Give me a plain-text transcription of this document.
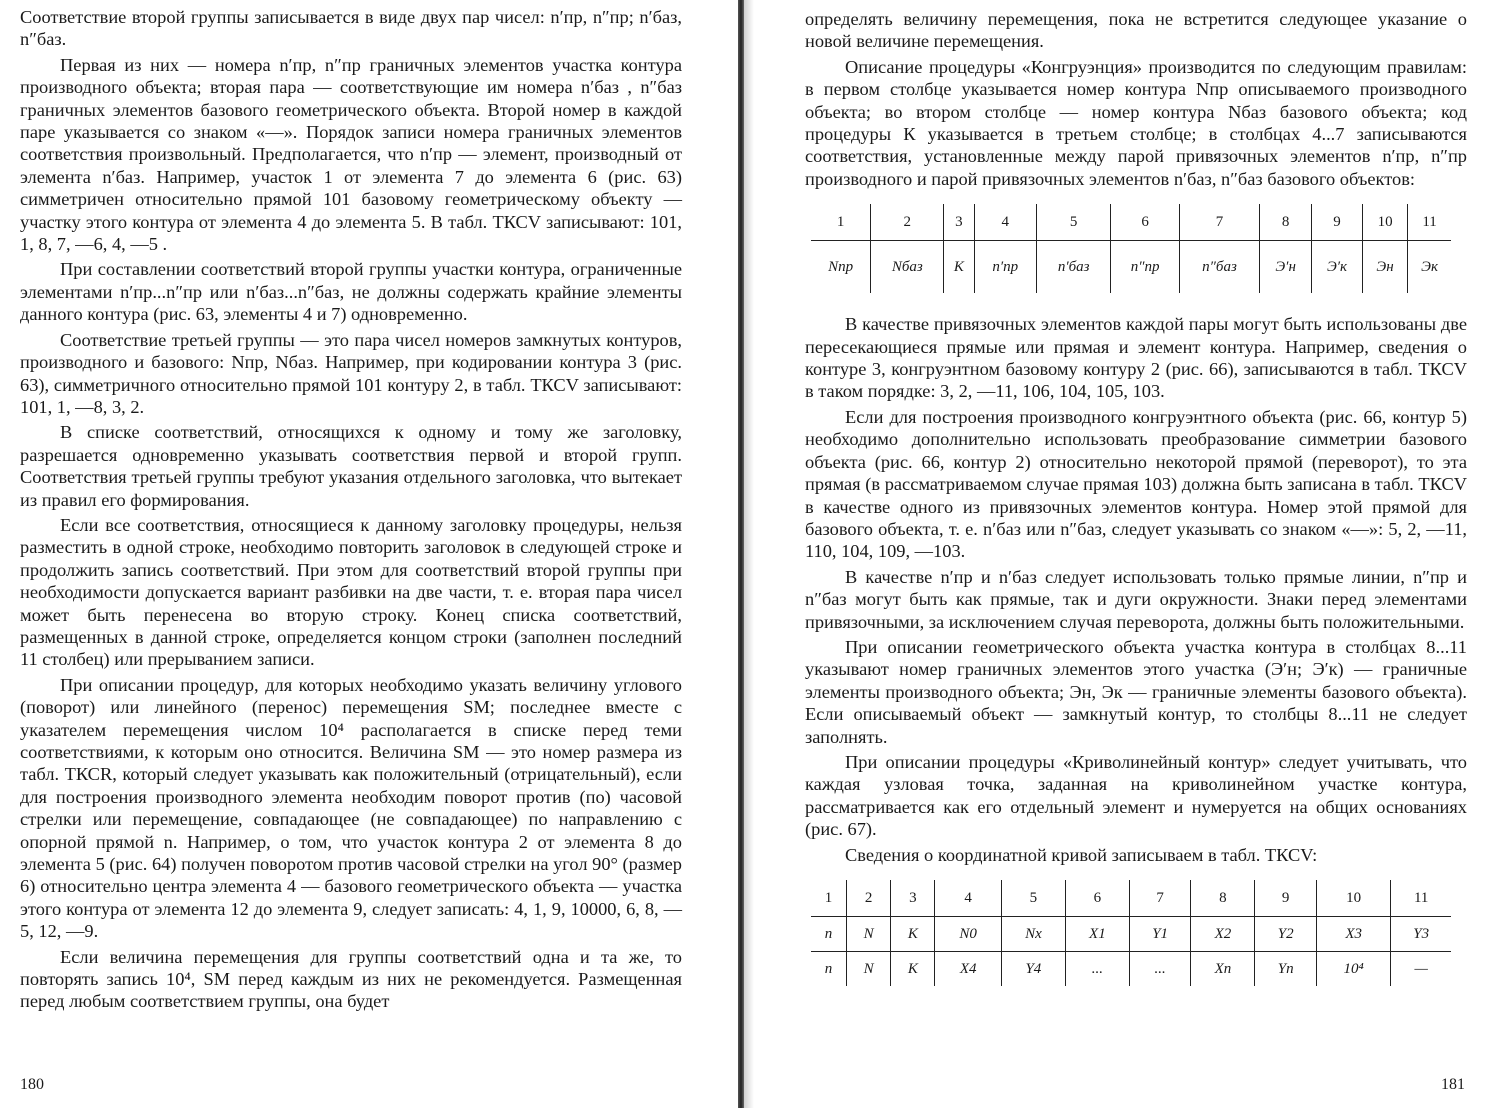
Соответствие второй группы записывается в виде двух пар чисел: n′пр, n″пр; n′баз, n″баз.

Первая из них — номера n′пр, n″пр граничных элементов участка контура производного объекта; вторая пара — соответствующие им номера n′баз , n″баз граничных элементов базового геометрического объекта. Второй номер в каждой паре указывается со знаком «—». Порядок записи номера граничных элементов соответствия произвольный. Предполагается, что n′пр — элемент, производный от элемента n′баз. Например, участок 1 от элемента 7 до элемента 6 (рис. 63) симметричен относительно прямой 101 базовому геометрическому объекту — участку этого контура от элемента 4 до элемента 5. В табл. ТКСV записывают: 101, 1, 8, 7, —6, 4, —5 .

При составлении соответствий второй группы участки контура, ограниченные элементами n′пр...n″пр или n′баз...n″баз, не должны содержать крайние элементы данного контура (рис. 63, элементы 4 и 7) одновременно.

Соответствие третьей группы — это пара чисел номеров замкнутых контуров, производного и базового: Nпр, Nбаз. Например, при кодировании контура 3 (рис. 63), симметричного относительно прямой 101 контуру 2, в табл. ТКСV записывают: 101, 1, —8, 3, 2.

В списке соответствий, относящихся к одному и тому же заголовку, разрешается одновременно указывать соответствия первой и второй групп. Соответствия третьей группы требуют указания отдельного заголовка, что вытекает из правил его формирования.

Если все соответствия, относящиеся к данному заголовку процедуры, нельзя разместить в одной строке, необходимо повторить заголовок в следующей строке и продолжить запись соответствий. При этом для соответствий второй группы при необходимости допускается вариант разбивки на две части, т. е. вторая пара чисел может быть перенесена во вторую строку. Конец списка соответствий, размещенных в данной строке, определяется концом строки (заполнен последний 11 столбец) или прерыванием записи.

При описании процедур, для которых необходимо указать величину углового (поворот) или линейного (перенос) перемещения SM; последнее вместе с указателем перемещения числом 10⁴ располагается в списке перед теми соответствиями, к которым оно относится. Величина SM — это номер размера из табл. ТКСR, который следует указывать как положительный (отрицательный), если для построения производного элемента необходим поворот против (по) часовой стрелки или перемещение, совпадающее (не совпадающее) по направлению с опорной прямой n. Например, о том, что участок контура 2 от элемента 8 до элемента 5 (рис. 64) получен поворотом против часовой стрелки на угол 90° (размер 6) относительно центра элемента 4 — базового геометрического объекта — участка этого контура от элемента 12 до элемента 9, следует записать: 4, 1, 9, 10000, 6, 8, —5, 12, —9.

Если величина перемещения для группы соответствий одна и та же, то повторять запись 10⁴, SM перед каждым из них не рекомендуется. Размещенная перед любым соответствием группы, она будет

180

определять величину перемещения, пока не встретится следующее указание о новой величине перемещения.

Описание процедуры «Конгруэнция» производится по следующим правилам: в первом столбце указывается номер контура Nпр описываемого производного объекта; во втором столбце — номер контура Nбаз базового объекта; код процедуры К указывается в третьем столбце; в столбцах 4...7 записываются соответствия, установленные между парой привязочных элементов n′пр, n″пр производного и парой привязочных элементов n′баз, n″баз базового объектов:

1	2	3	4	5	6	7	8	9	10	11
Nпр	Nбаз	К	n′пр	n′баз	n″пр	n″баз	Э′н	Э′к	Эн	Эк

В качестве привязочных элементов каждой пары могут быть использованы две пересекающиеся прямые или прямая и элемент контура. Например, сведения о контуре 3, конгруэнтном базовому контуру 2 (рис. 66), записываются в табл. ТКСV в таком порядке: 3, 2, —11, 106, 104, 105, 103.

Если для построения производного конгруэнтного объекта (рис. 66, контур 5) необходимо дополнительно использовать преобразование симметрии базового объекта (рис. 66, контур 2) относительно некоторой прямой (переворот), то эта прямая (в рассматриваемом случае прямая 103) должна быть записана в табл. ТКСV в качестве одного из привязочных элементов контура. Номер этой прямой для базового объекта, т. е. n′баз или n″баз, следует указывать со знаком «—»: 5, 2, —11, 110, 104, 109, —103.

В качестве n′пр и n′баз следует использовать только прямые линии, n″пр и n″баз могут быть как прямые, так и дуги окружности. Знаки перед элементами привязочными, за исключением случая переворота, должны быть положительными.

При описании геометрического объекта участка контура в столбцах 8...11 указывают номер граничных элементов этого участка (Э′н; Э′к) — граничные элементы производного объекта; Эн, Эк — граничные элементы базового объекта). Если описываемый объект — замкнутый контур, то столбцы 8...11 не следует заполнять.

При описании процедуры «Криволинейный контур» следует учитывать, что каждая узловая точка, заданная на криволинейном участке контура, рассматривается как его отдельный элемент и нумеруется на общих основаниях (рис. 67).

Сведения о координатной кривой записываем в табл. ТКСV:

1	2	3	4	5	6	7	8	9	10	11
n	N	К	N0	Nx	X1	Y1	X2	Y2	X3	Y3
n	N	К	X4	Y4	...	...	Xn	Yn	10⁴	—
181
